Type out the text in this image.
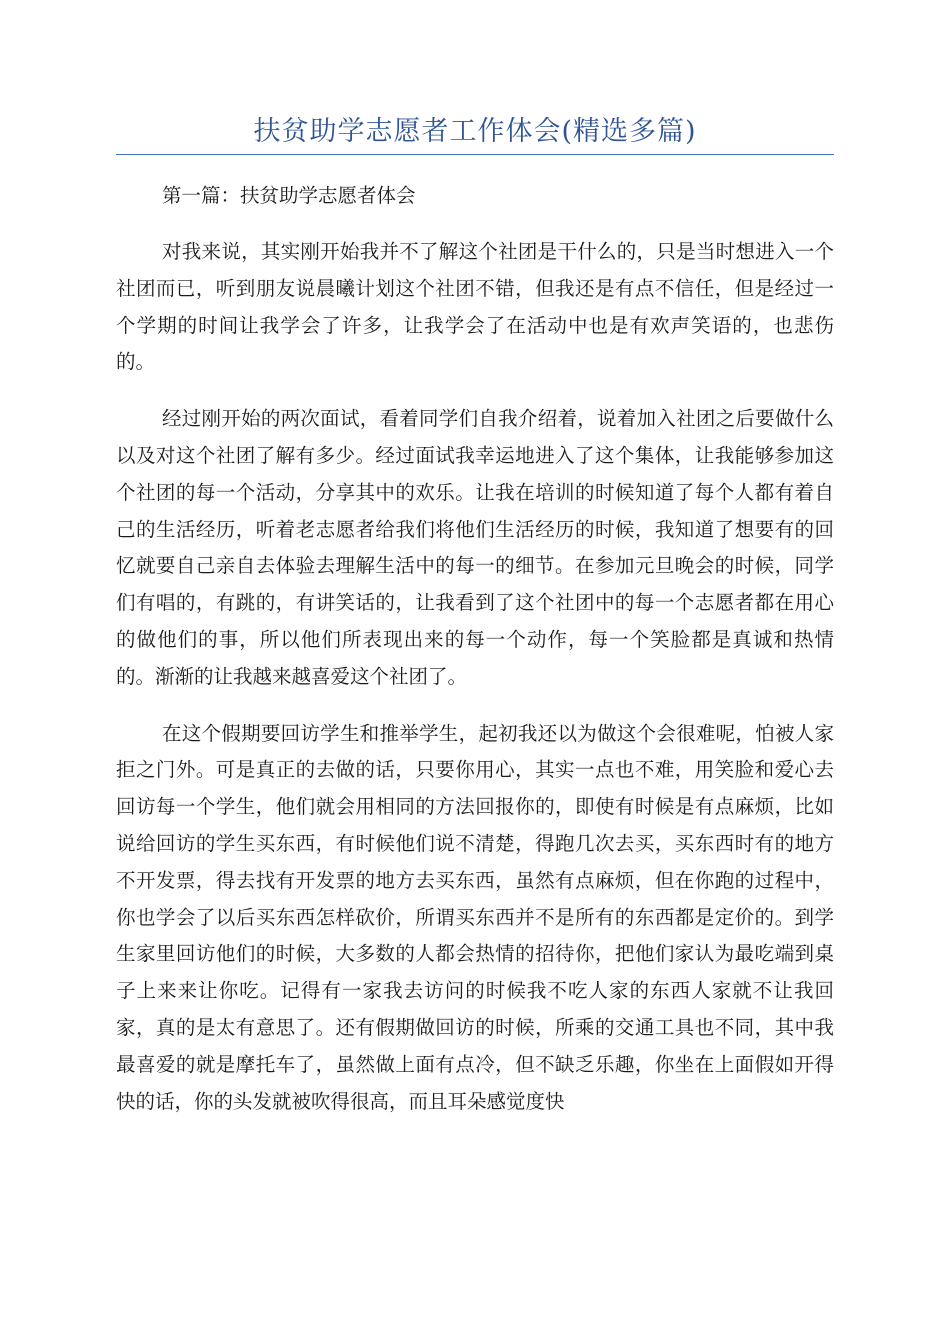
扶贫助学志愿者工作体会(精选多篇)

第一篇：扶贫助学志愿者体会

对我来说，其实刚开始我并不了解这个社团是干什么的，只是当时想进入一个社团而已，听到朋友说晨曦计划这个社团不错，但我还是有点不信任，但是经过一个学期的时间让我学会了许多，让我学会了在活动中也是有欢声笑语的，也悲伤的。

经过刚开始的两次面试，看着同学们自我介绍着，说着加入社团之后要做什么以及对这个社团了解有多少。经过面试我幸运地进入了这个集体，让我能够参加这个社团的每一个活动，分享其中的欢乐。让我在培训的时候知道了每个人都有着自己的生活经历，听着老志愿者给我们将他们生活经历的时候，我知道了想要有的回忆就要自己亲自去体验去理解生活中的每一的细节。在参加元旦晚会的时候，同学们有唱的，有跳的，有讲笑话的，让我看到了这个社团中的每一个志愿者都在用心的做他们的事，所以他们所表现出来的每一个动作，每一个笑脸都是真诚和热情的。渐渐的让我越来越喜爱这个社团了。

在这个假期要回访学生和推举学生，起初我还以为做这个会很难呢，怕被人家拒之门外。可是真正的去做的话，只要你用心，其实一点也不难，用笑脸和爱心去回访每一个学生，他们就会用相同的方法回报你的，即使有时候是有点麻烦，比如说给回访的学生买东西，有时候他们说不清楚，得跑几次去买，买东西时有的地方不开发票，得去找有开发票的地方去买东西，虽然有点麻烦，但在你跑的过程中，你也学会了以后买东西怎样砍价，所谓买东西并不是所有的东西都是定价的。到学生家里回访他们的时候，大多数的人都会热情的招待你，把他们家认为最吃端到桌子上来来让你吃。记得有一家我去访问的时候我不吃人家的东西人家就不让我回家，真的是太有意思了。还有假期做回访的时候，所乘的交通工具也不同，其中我最喜爱的就是摩托车了，虽然做上面有点冷，但不缺乏乐趣，你坐在上面假如开得快的话，你的头发就被吹得很高，而且耳朵感觉度快
